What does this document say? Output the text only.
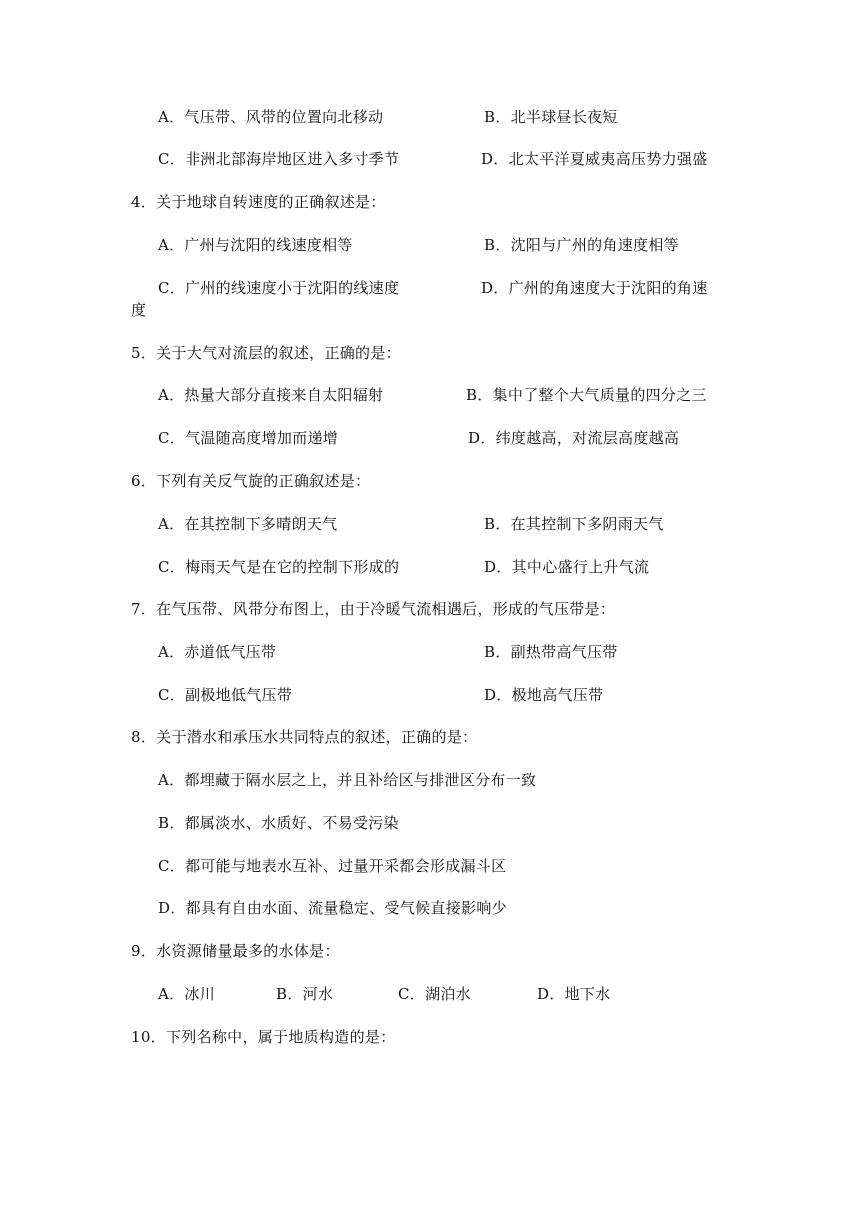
A．气压带、风带的位置向北移动	B．北半球昼长夜短
C．非洲北部海岸地区进入多寸季节	D．北太平洋夏威夷高压势力强盛
4．关于地球自转速度的正确叙述是：
A．广州与沈阳的线速度相等	B．沈阳与广州的角速度相等
C．广州的线速度小于沈阳的线速度	D．广州的角速度大于沈阳的角速
度
5．关于大气对流层的叙述，正确的是：
A．热量大部分直接来自太阳辐射	B．集中了整个大气质量的四分之三
C．气温随高度增加而递增	D．纬度越高，对流层高度越高
6．下列有关反气旋的正确叙述是：
A．在其控制下多晴朗天气	B．在其控制下多阴雨天气
C．梅雨天气是在它的控制下形成的	D．其中心盛行上升气流
7．在气压带、风带分布图上，由于冷暖气流相遇后，形成的气压带是：
A．赤道低气压带	B．副热带高气压带
C．副极地低气压带	D．极地高气压带
8．关于潜水和承压水共同特点的叙述，正确的是：
A．都埋藏于隔水层之上，并且补给区与排泄区分布一致
B．都属淡水、水质好、不易受污染
C．都可能与地表水互补、过量开采都会形成漏斗区
D．都具有自由水面、流量稳定、受气候直接影响少
9．水资源储量最多的水体是：
A．冰川	B．河水	C．湖泊水	D．地下水
10．下列名称中，属于地质构造的是：
